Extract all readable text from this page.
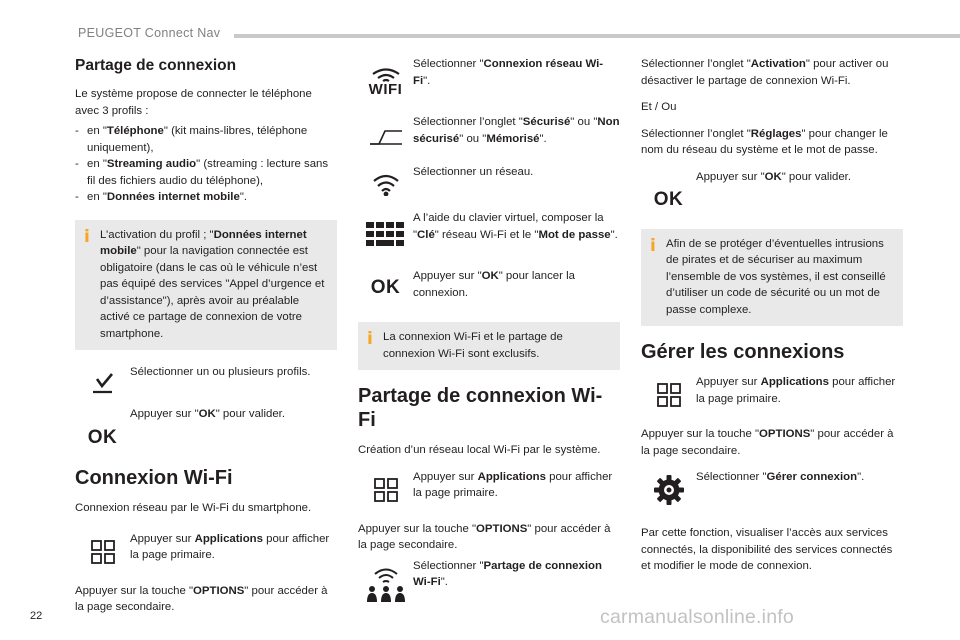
PEUGEOT Connect Nav
Partage de connexion

Le système propose de connecter le téléphone avec 3 profils :

- en "Téléphone" (kit mains-libres, téléphone uniquement),
- en "Streaming audio" (streaming : lecture sans fil des fichiers audio du téléphone),
- en "Données internet mobile".
i L’activation du profil ; "Données internet mobile" pour la navigation connectée est obligatoire (dans le cas où le véhicule n’est pas équipé des services "Appel d’urgence et d’assistance"), après avoir au préalable activé ce partage de connexion de votre smartphone.
Sélectionner un ou plusieurs profils.
OK
Appuyer sur "OK" pour valider.
Connexion Wi-Fi

Connexion réseau par le Wi-Fi du smartphone.

Appuyer sur Applications pour afficher la page primaire.

Appuyer sur la touche "OPTIONS" pour accéder à la page secondaire.

WIFI
Sélectionner "Connexion réseau Wi-Fi".
Sélectionner l’onglet "Sécurisé" ou "Non sécurisé" ou "Mémorisé".
Sélectionner un réseau.
A l’aide du clavier virtuel, composer la "Clé" réseau Wi-Fi et le "Mot de passe".
OK
Appuyer sur "OK" pour lancer la connexion.
i La connexion Wi-Fi et le partage de connexion Wi-Fi sont exclusifs.
Partage de connexion Wi-Fi

Création d’un réseau local Wi-Fi par le système.

Appuyer sur Applications pour afficher la page primaire.

Appuyer sur la touche "OPTIONS" pour accéder à la page secondaire.

Sélectionner "Partage de connexion Wi-Fi".

Sélectionner l’onglet "Activation" pour activer ou désactiver le partage de connexion Wi-Fi.

Et / Ou

Sélectionner l’onglet "Réglages" pour changer le nom du réseau du système et le mot de passe.

OK
Appuyer sur "OK" pour valider.
i Afin de se protéger d’éventuelles intrusions de pirates et de sécuriser au maximum l’ensemble de vos systèmes, il est conseillé d’utiliser un code de sécurité ou un mot de passe complexe.
Gérer les connexions
Appuyer sur Applications pour afficher la page primaire.

Appuyer sur la touche "OPTIONS" pour accéder à la page secondaire.

Sélectionner "Gérer connexion".

Par cette fonction, visualiser l’accès aux services connectés, la disponibilité des services connectés et modifier le mode de connexion.

22	carmanualsonline.info
